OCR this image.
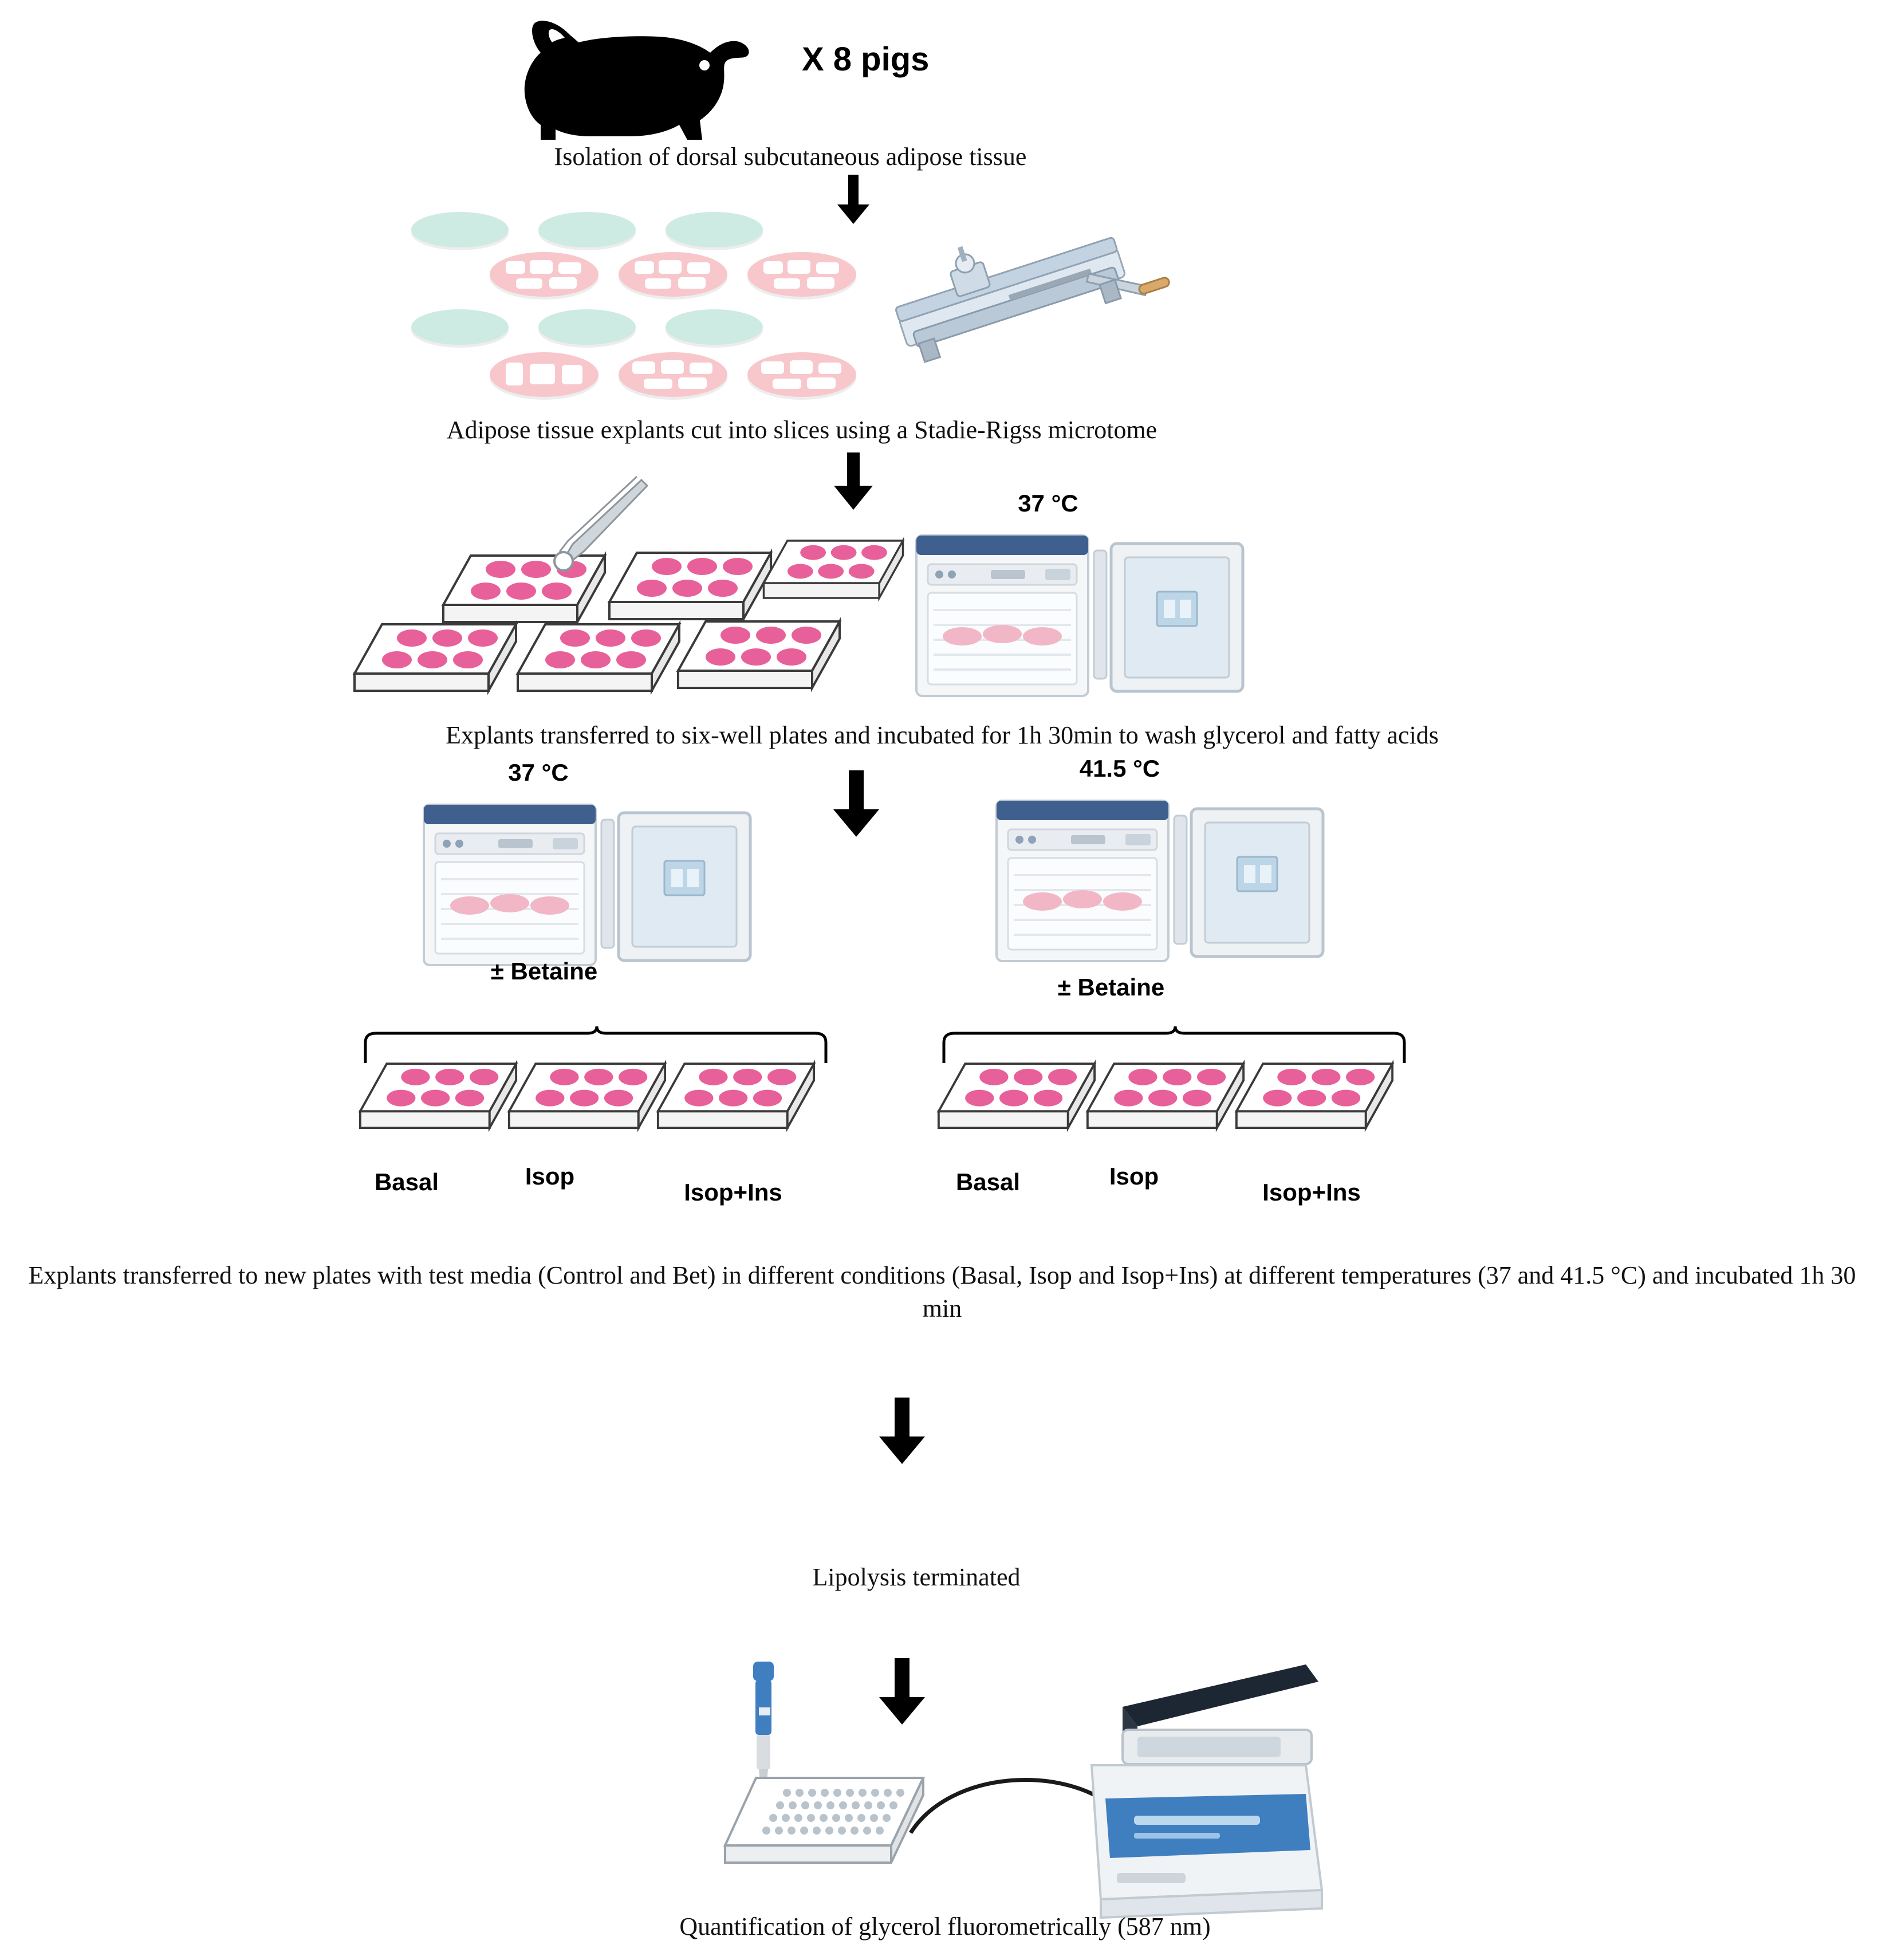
X 8 pigs
Isolation of dorsal subcutaneous adipose tissue
Adipose tissue explants cut into slices using a Stadie-Rigss microtome
37 °C
Explants transferred to six-well plates and incubated for 1h 30min to wash glycerol and fatty acids
37 °C	41.5 °C
± Betaine
± Betaine
Basal	Isop
Isop+Ins	Basal	Isop
Isop+Ins
Explants transferred to new plates with test media (Control and Bet) in different conditions (Basal, Isop and Isop+Ins) at different temperatures (37 and 41.5 °C) and incubated 1h 30 min
Lipolysis terminated
Quantification of glycerol fluorometrically (587 nm)
